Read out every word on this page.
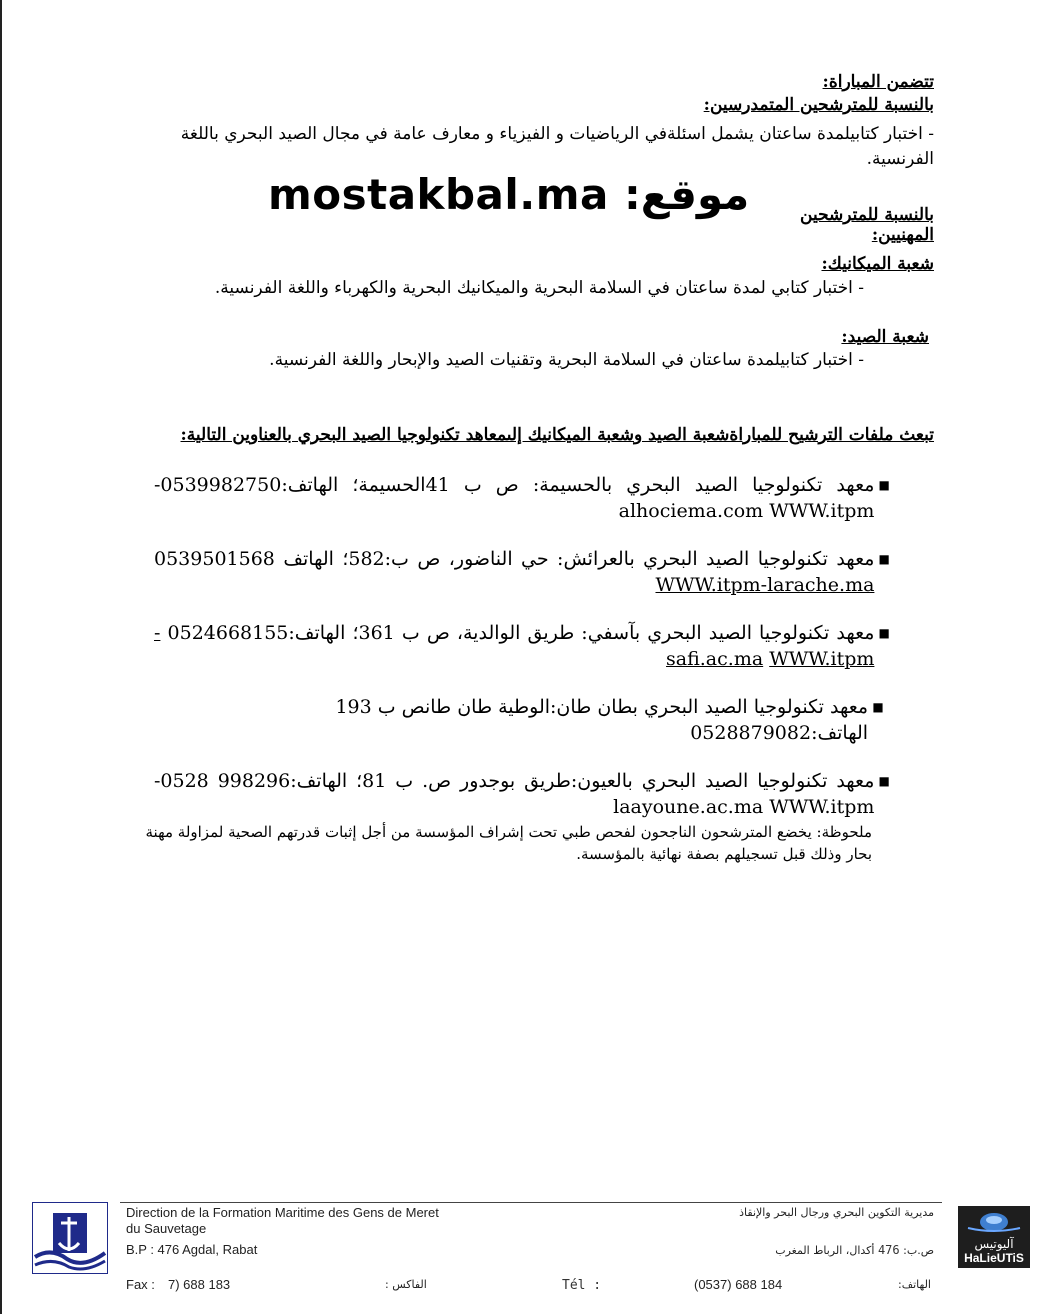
تتضمن المباراة:
بالنسبة للمترشحين المتمدرسين:
- اختبار كتابيلمدة ساعتان يشمل اسئلةفي الرياضيات و الفيزياء و معارف عامة في مجال الصيد البحري باللغة
الفرنسية.
بالنسبة للمترشحين المهنيين:
mostakbal.ma موقع:
شعبة الميكانيك:
- اختبار كتابي لمدة ساعتان في السلامة البحرية والميكانيك البحرية والكهرباء واللغة الفرنسية.
شعبة الصيد:
- اختبار كتابيلمدة ساعتان في السلامة البحرية وتقنيات الصيد والإبحار واللغة الفرنسية.
تبعث ملفات الترشيح للمباراةشعبة الصيد وشعبة الميكانيك إلىمعاهد تكنولوجيا الصيد البحري بالعناوين التالية:
■
معهد تكنولوجيا الصيد البحري بالحسيمة: ص ب 41الحسيمة؛ الهاتف:0539982750-WWW.itpm alhociema.com
■
معهد تكنولوجيا الصيد البحري بالعرائش: حي الناضور، ص ب:582؛ الهاتف 0539501568 WWW.itpm-larache.ma
■
معهد تكنولوجيا الصيد البحري بآسفي: طريق الوالدية، ص ب 361؛ الهاتف:0524668155 -WWW.itpm safi.ac.ma
■
معهد تكنولوجيا الصيد البحري بطان طان:الوطية طان طانص ب 193 الهاتف:0528879082
■
معهد تكنولوجيا الصيد البحري بالعيون:طريق بوجدور ص. ب 81؛ الهاتف:0528 998296-WWW.itpm laayoune.ac.ma
ملحوظة: يخضع المترشحون الناجحون لفحص طبي تحت إشراف المؤسسة من أجل إثبات قدرتهم الصحية لمزاولة مهنة
بحار وذلك قبل تسجيلهم بصفة نهائية بالمؤسسة.
Direction de la Formation Maritime des Gens de Meret
du Sauvetage
B.P : 476 Agdal, Rabat
Fax : 7) 688 183	الفاكس :	Tél :	(0537) 688 184	الهاتف:
مديرية التكوين البحري ورجال البحر والإنقاذ
ص.ب: 476 أكدال، الرباط المغرب	آليوتيس
HaLieUTiS
